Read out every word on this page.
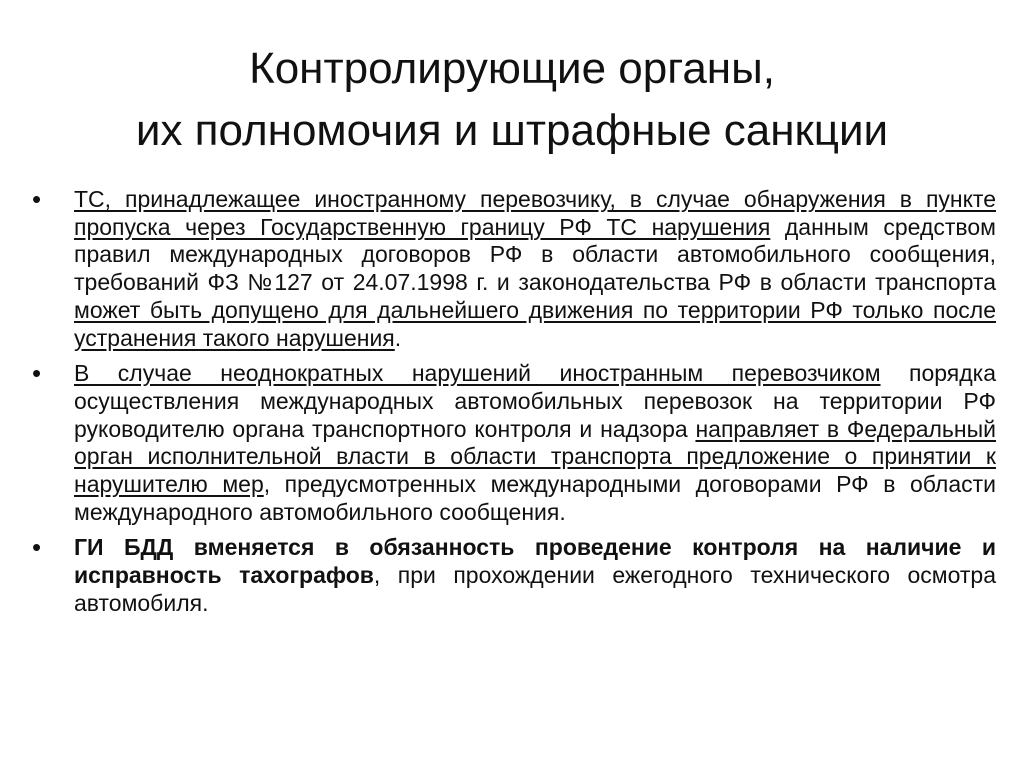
Контролирующие органы,
их полномочия и штрафные санкции
• ТС, принадлежащее иностранному перевозчику, в случае обнаружения в пункте пропуска через Государственную границу РФ ТС нарушения данным средством правил международных договоров РФ в области автомобильного сообщения, требований ФЗ №127 от 24.07.1998 г. и законодательства РФ в области транспорта может быть допущено для дальнейшего движения по территории РФ только после устранения такого нарушения.
• В случае неоднократных нарушений иностранным перевозчиком порядка осуществления международных автомобильных перевозок на территории РФ руководителю органа транспортного контроля и надзора направляет в Федеральный орган исполнительной власти в области транспорта предложение о принятии к нарушителю мер, предусмотренных международными договорами РФ в области международного автомобильного сообщения.
• ГИ БДД вменяется в обязанность проведение контроля на наличие и исправность тахографов, при прохождении ежегодного технического осмотра автомобиля.
